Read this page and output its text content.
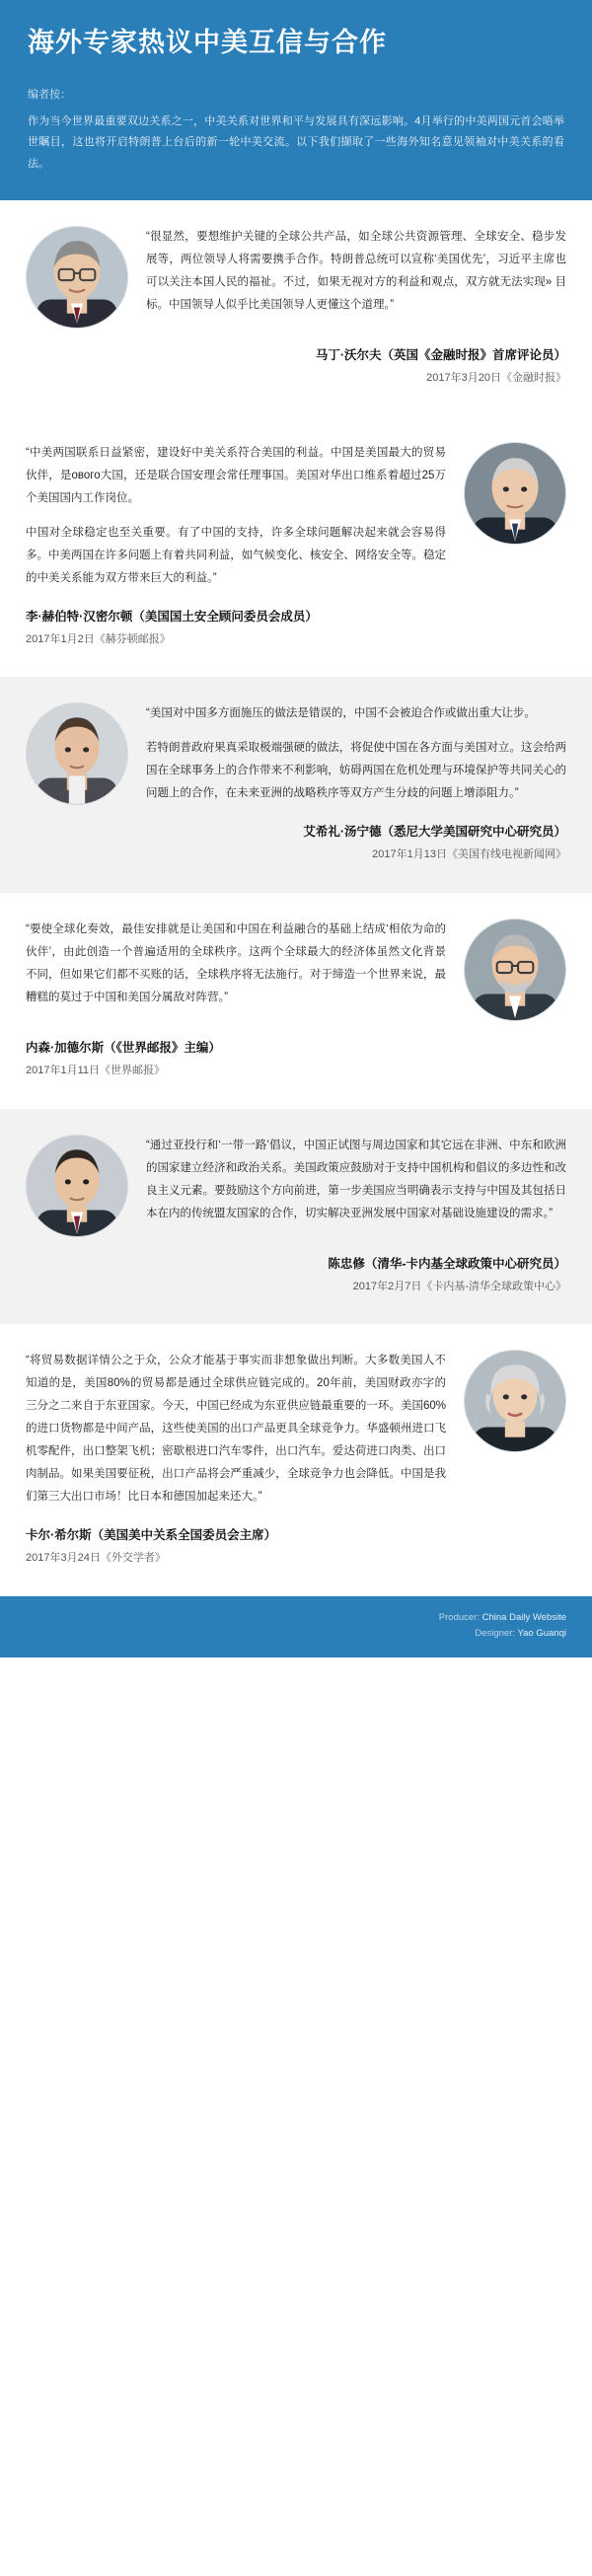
海外专家热议中美互信与合作
编者按：
作为当今世界最重要双边关系之一，中美关系对世界和平与发展具有深远影响。4月举行的中美两国元首会晤举世瞩目，这也将开启特朗普上台后的新一轮中美交流。以下我们撷取了一些海外知名意见领袖对中美关系的看法。

“很显然，要想维护关键的全球公共产品，如全球公共资源管理、全球安全、稳步发展等，两位领导人将需要携手合作。特朗普总统可以宣称‘美国优先’，习近平主席也可以关注本国人民的福祉。不过，如果无视对方的利益和观点，双方就无法实现» 目标。中国领导人似乎比美国领导人更懂这个道理。”

马丁·沃尔夫（英国《金融时报》首席评论员）
2017年3月20日《金融时报》

“中美两国联系日益紧密，建设好中美关系符合美国的利益。中国是美国最大的贸易伙伴，是ового大国，还是联合国安理会常任理事国。美国对华出口维系着超过25万个美国国内工作岗位。

中国对全球稳定也至关重要。有了中国的支持，许多全球问题解决起来就会容易得多。中美两国在许多问题上有着共同利益，如气候变化、核安全、网络安全等。稳定的中美关系能为双方带来巨大的利益。”

李·赫伯特·汉密尔顿（美国国土安全顾问委员会成员）
2017年1月2日《赫芬顿邮报》

“美国对中国多方面施压的做法是错误的，中国不会被迫合作或做出重大让步。

若特朗普政府果真采取极端强硬的做法，将促使中国在各方面与美国对立。这会给两国在全球事务上的合作带来不利影响，妨碍两国在危机处理与环境保护等共同关心的问题上的合作，在未来亚洲的战略秩序等双方产生分歧的问题上增添阻力。”

艾希礼·汤宁德（悉尼大学美国研究中心研究员）
2017年1月13日《美国有线电视新闻网》

“要使全球化奏效，最佳安排就是让美国和中国在利益融合的基础上结成‘相依为命的伙伴’，由此创造一个普遍适用的全球秩序。这两个全球最大的经济体虽然文化背景不同，但如果它们都不买账的话，全球秩序将无法施行。对于缔造一个世界来说，最糟糕的莫过于中国和美国分属敌对阵营。”

内森·加德尔斯（《世界邮报》主编）
2017年1月11日《世界邮报》

“通过亚投行和‘一带一路’倡议，中国正试图与周边国家和其它远在非洲、中东和欧洲的国家建立经济和政治关系。美国政策应鼓励对于支持中国机构和倡议的多边性和改良主义元素。要鼓励这个方向前进，第一步美国应当明确表示支持与中国及其包括日本在内的传统盟友国家的合作，切实解决亚洲发展中国家对基础设施建设的需求。”

陈忠修（清华-卡内基全球政策中心研究员）
2017年2月7日《卡内基-清华全球政策中心》

“将贸易数据详情公之于众，公众才能基于事实而非想象做出判断。大多数美国人不知道的是，美国80%的贸易都是通过全球供应链完成的。20年前，美国财政亦字的三分之二来自于东亚国家。今天，中国已经成为东亚供应链最重要的一环。美国60%的进口货物都是中间产品，这些使美国的出口产品更具全球竞争力。华盛顿州进口飞机零配件，出口整架飞机；密歇根进口汽车零件，出口汽车。爱达荷进口肉类、出口肉制品。如果美国要征税，出口产品将会严重减少，全球竞争力也会降低。中国是我们第三大出口市场！比日本和德国加起来还大。”

卡尔·希尔斯（美国美中关系全国委员会主席）
2017年3月24日《外交学者》
Producer: China Daily Website
Designer: Yao Guanqi
